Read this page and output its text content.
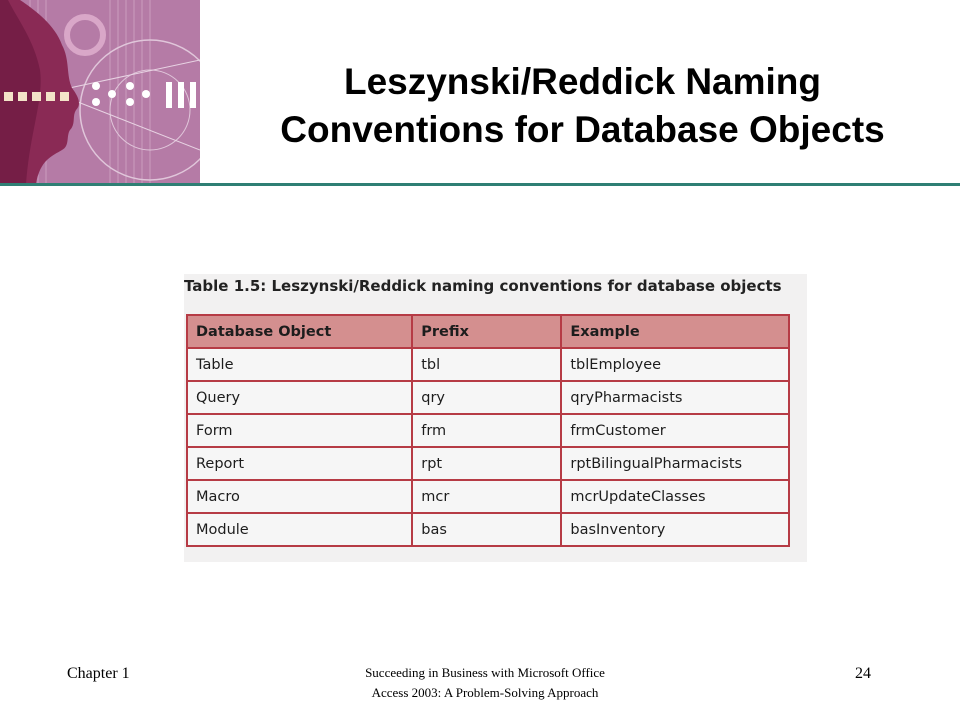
Leszynski/Reddick Naming
Conventions for Database Objects
Table 1.5: Leszynski/Reddick naming conventions for database objects
Database Object	Prefix	Example
Table	tbl	tblEmployee
Query	qry	qryPharmacists
Form	frm	frmCustomer
Report	rpt	rptBilingualPharmacists
Macro	mcr	mcrUpdateClasses
Module	bas	basInventory
Chapter 1	Succeeding in Business with Microsoft Office
Access 2003: A Problem-Solving Approach
24
